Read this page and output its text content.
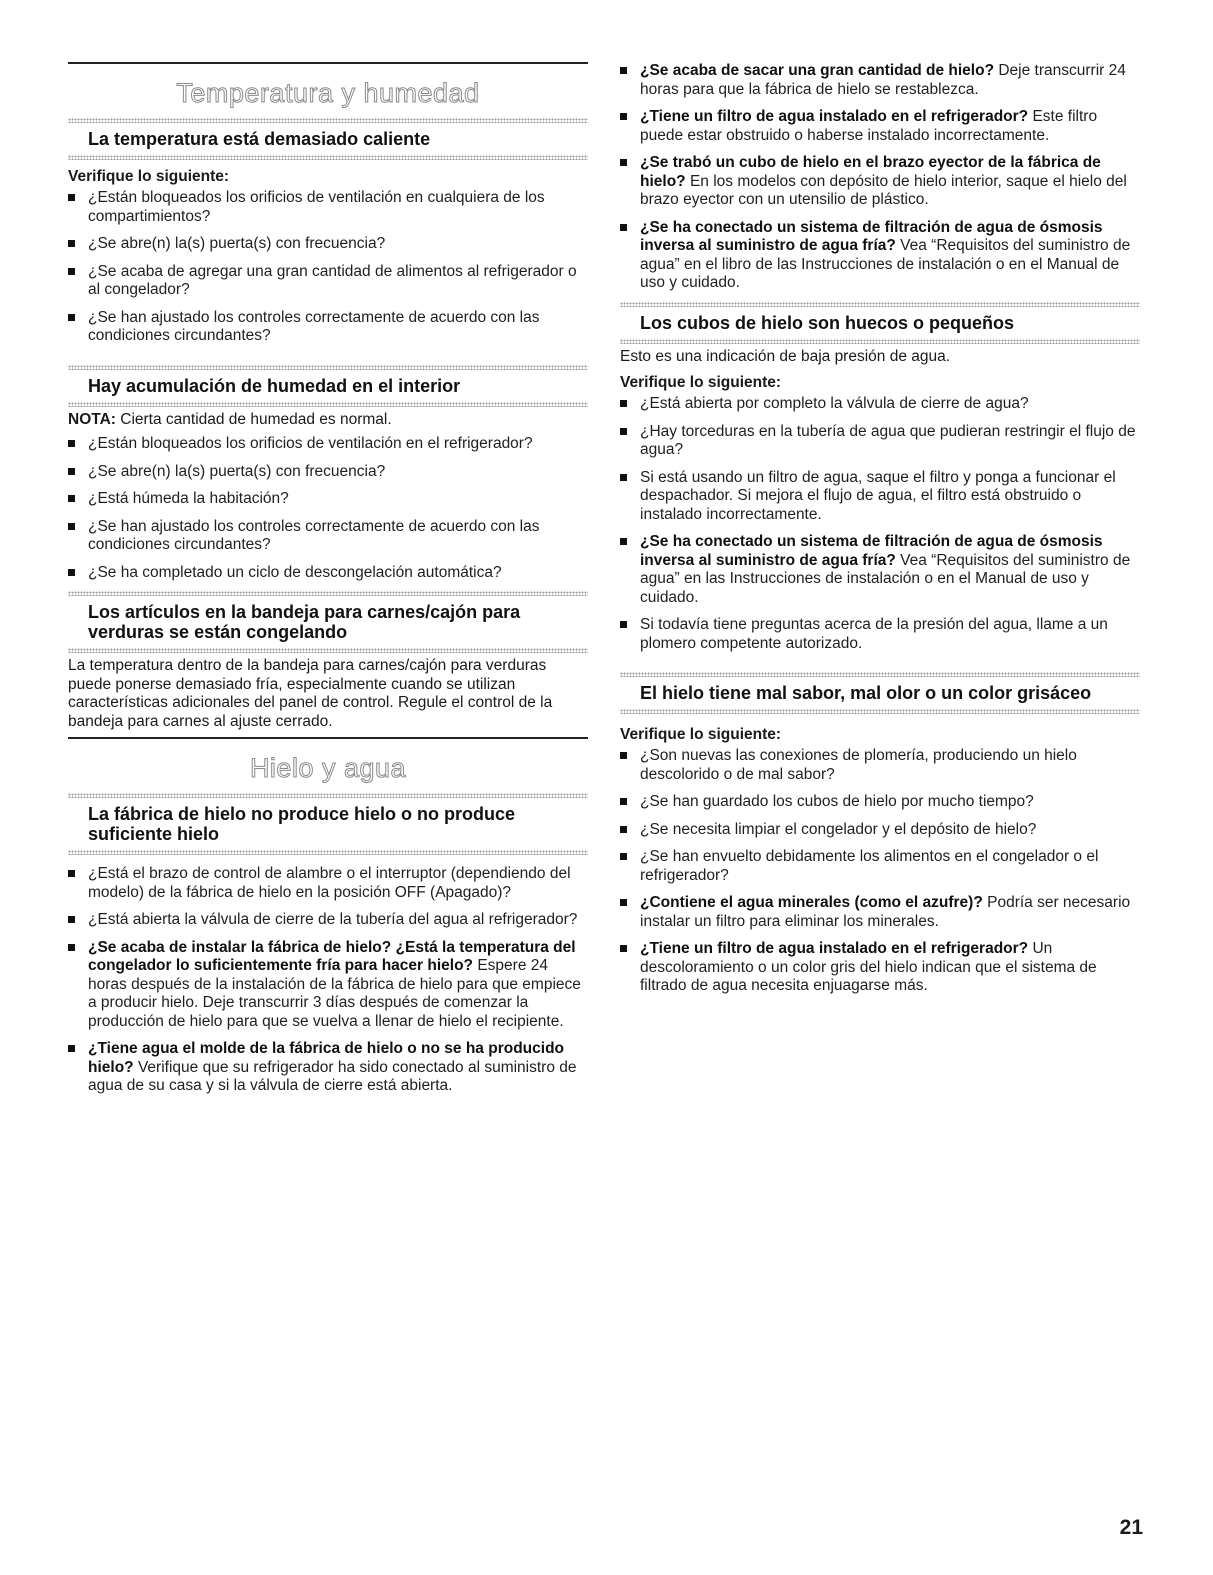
Temperatura y humedad
La temperatura está demasiado caliente
Verifique lo siguiente:
¿Están bloqueados los orificios de ventilación en cualquiera de los compartimientos?
¿Se abre(n) la(s) puerta(s) con frecuencia?
¿Se acaba de agregar una gran cantidad de alimentos al refrigerador o al congelador?
¿Se han ajustado los controles correctamente de acuerdo con las condiciones circundantes?
Hay acumulación de humedad en el interior

NOTA: Cierta cantidad de humedad es normal.

¿Están bloqueados los orificios de ventilación en el refrigerador?
¿Se abre(n) la(s) puerta(s) con frecuencia?
¿Está húmeda la habitación?
¿Se han ajustado los controles correctamente de acuerdo con las condiciones circundantes?
¿Se ha completado un ciclo de descongelación automática?
Los artículos en la bandeja para carnes/cajón para verduras se están congelando

La temperatura dentro de la bandeja para carnes/cajón para verduras puede ponerse demasiado fría, especialmente cuando se utilizan características adicionales del panel de control. Regule el control de la bandeja para carnes al ajuste cerrado.

Hielo y agua
La fábrica de hielo no produce hielo o no produce suficiente hielo
¿Está el brazo de control de alambre o el interruptor (dependiendo del modelo) de la fábrica de hielo en la posición OFF (Apagado)?
¿Está abierta la válvula de cierre de la tubería del agua al refrigerador?
¿Se acaba de instalar la fábrica de hielo? ¿Está la temperatura del congelador lo suficientemente fría para hacer hielo? Espere 24 horas después de la instalación de la fábrica de hielo para que empiece a producir hielo. Deje transcurrir 3 días después de comenzar la producción de hielo para que se vuelva a llenar de hielo el recipiente.
¿Tiene agua el molde de la fábrica de hielo o no se ha producido hielo? Verifique que su refrigerador ha sido conectado al suministro de agua de su casa y si la válvula de cierre está abierta.
¿Se acaba de sacar una gran cantidad de hielo? Deje transcurrir 24 horas para que la fábrica de hielo se restablezca.
¿Tiene un filtro de agua instalado en el refrigerador? Este filtro puede estar obstruido o haberse instalado incorrectamente.
¿Se trabó un cubo de hielo en el brazo eyector de la fábrica de hielo? En los modelos con depósito de hielo interior, saque el hielo del brazo eyector con un utensilio de plástico.
¿Se ha conectado un sistema de filtración de agua de ósmosis inversa al suministro de agua fría? Vea “Requisitos del suministro de agua” en el libro de las Instrucciones de instalación o en el Manual de uso y cuidado.
Los cubos de hielo son huecos o pequeños

Esto es una indicación de baja presión de agua.

Verifique lo siguiente:
¿Está abierta por completo la válvula de cierre de agua?
¿Hay torceduras en la tubería de agua que pudieran restringir el flujo de agua?
Si está usando un filtro de agua, saque el filtro y ponga a funcionar el despachador. Si mejora el flujo de agua, el filtro está obstruido o instalado incorrectamente.
¿Se ha conectado un sistema de filtración de agua de ósmosis inversa al suministro de agua fría? Vea “Requisitos del suministro de agua” en las Instrucciones de instalación o en el Manual de uso y cuidado.
Si todavía tiene preguntas acerca de la presión del agua, llame a un plomero competente autorizado.
El hielo tiene mal sabor, mal olor o un color grisáceo
Verifique lo siguiente:
¿Son nuevas las conexiones de plomería, produciendo un hielo descolorido o de mal sabor?
¿Se han guardado los cubos de hielo por mucho tiempo?
¿Se necesita limpiar el congelador y el depósito de hielo?
¿Se han envuelto debidamente los alimentos en el congelador o el refrigerador?
¿Contiene el agua minerales (como el azufre)? Podría ser necesario instalar un filtro para eliminar los minerales.
¿Tiene un filtro de agua instalado en el refrigerador? Un descoloramiento o un color gris del hielo indican que el sistema de filtrado de agua necesita enjuagarse más.
21
